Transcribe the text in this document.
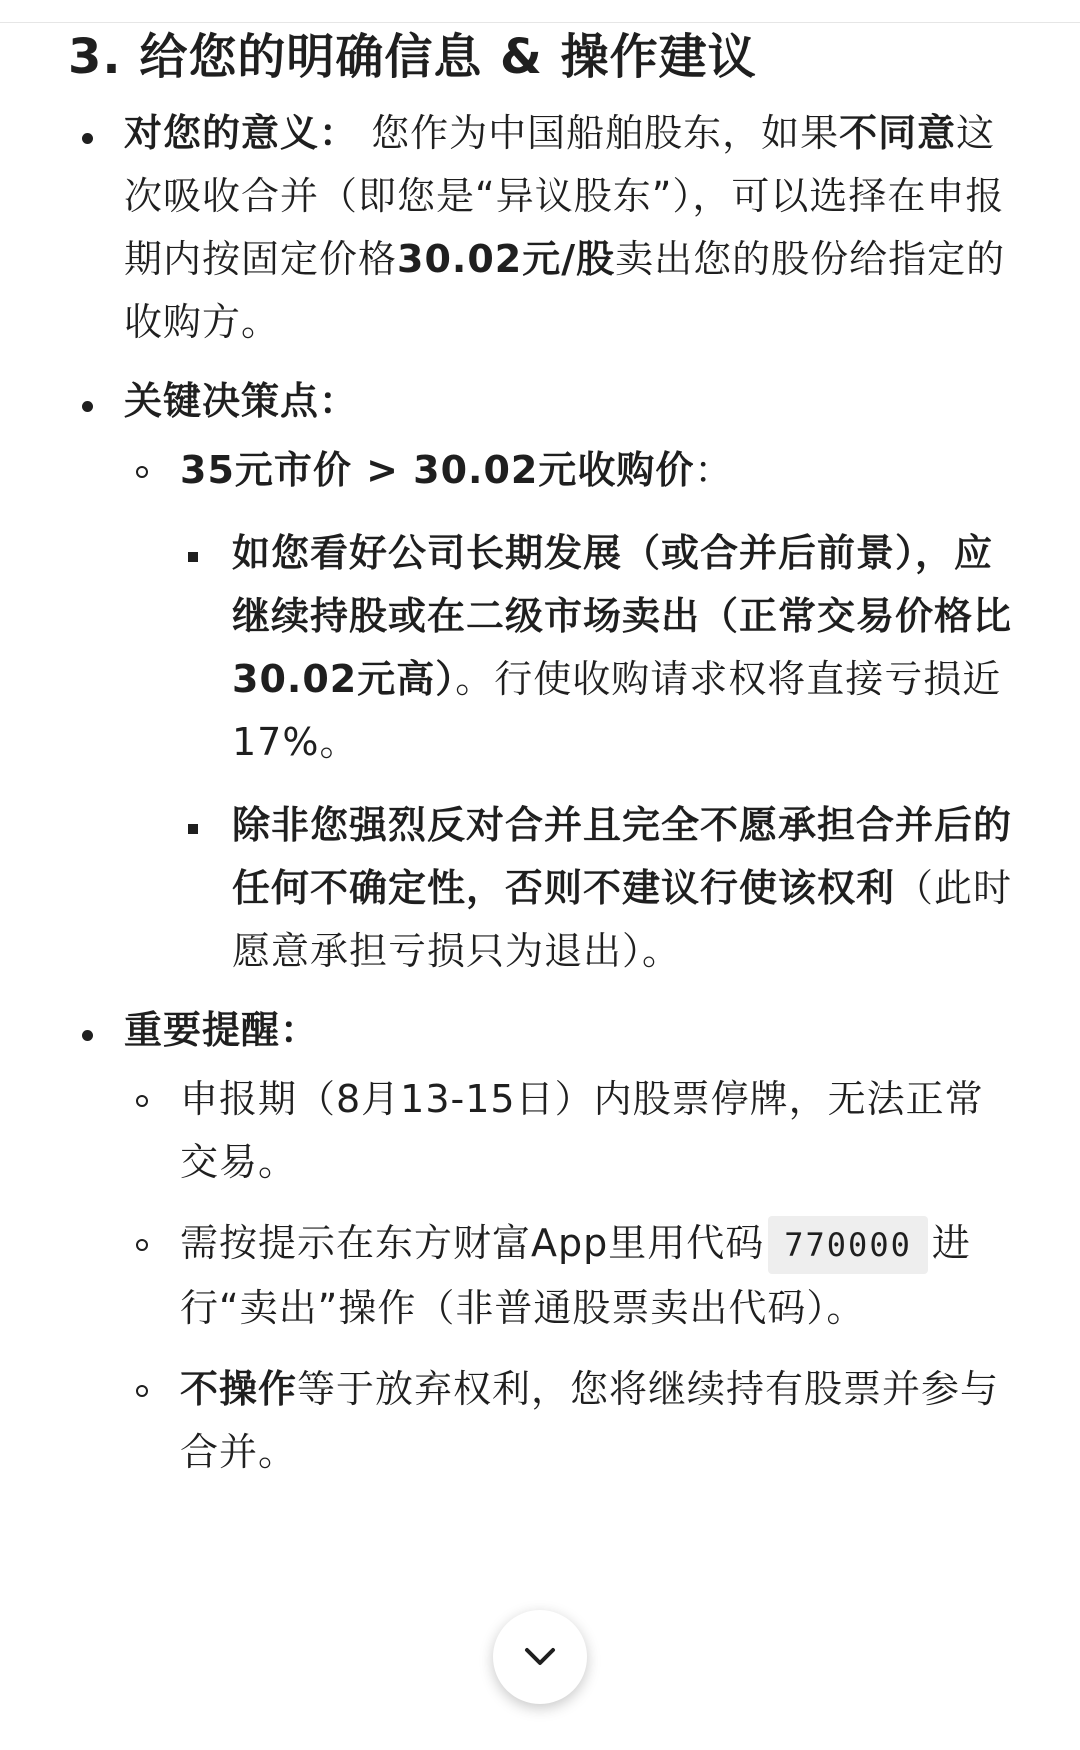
3. 给您的明确信息 & 操作建议
对您的意义： 您作为中国船舶股东，如果不同意这次吸收合并（即您是“异议股东”），可以选择在申报期内按固定价格30.02元/股卖出您的股份给指定的收购方。
关键决策点：
35元市价 > 30.02元收购价：
如您看好公司长期发展（或合并后前景），应继续持股或在二级市场卖出（正常交易价格比30.02元高）。行使收购请求权将直接亏损近17%。
除非您强烈反对合并且完全不愿承担合并后的任何不确定性，否则不建议行使该权利（此时愿意承担亏损只为退出）。
重要提醒：
申报期（8月13-15日）内股票停牌，无法正常交易。
需按提示在东方财富App里用代码 770000 进行“卖出”操作（非普通股票卖出代码）。
不操作等于放弃权利，您将继续持有股票并参与合并。
